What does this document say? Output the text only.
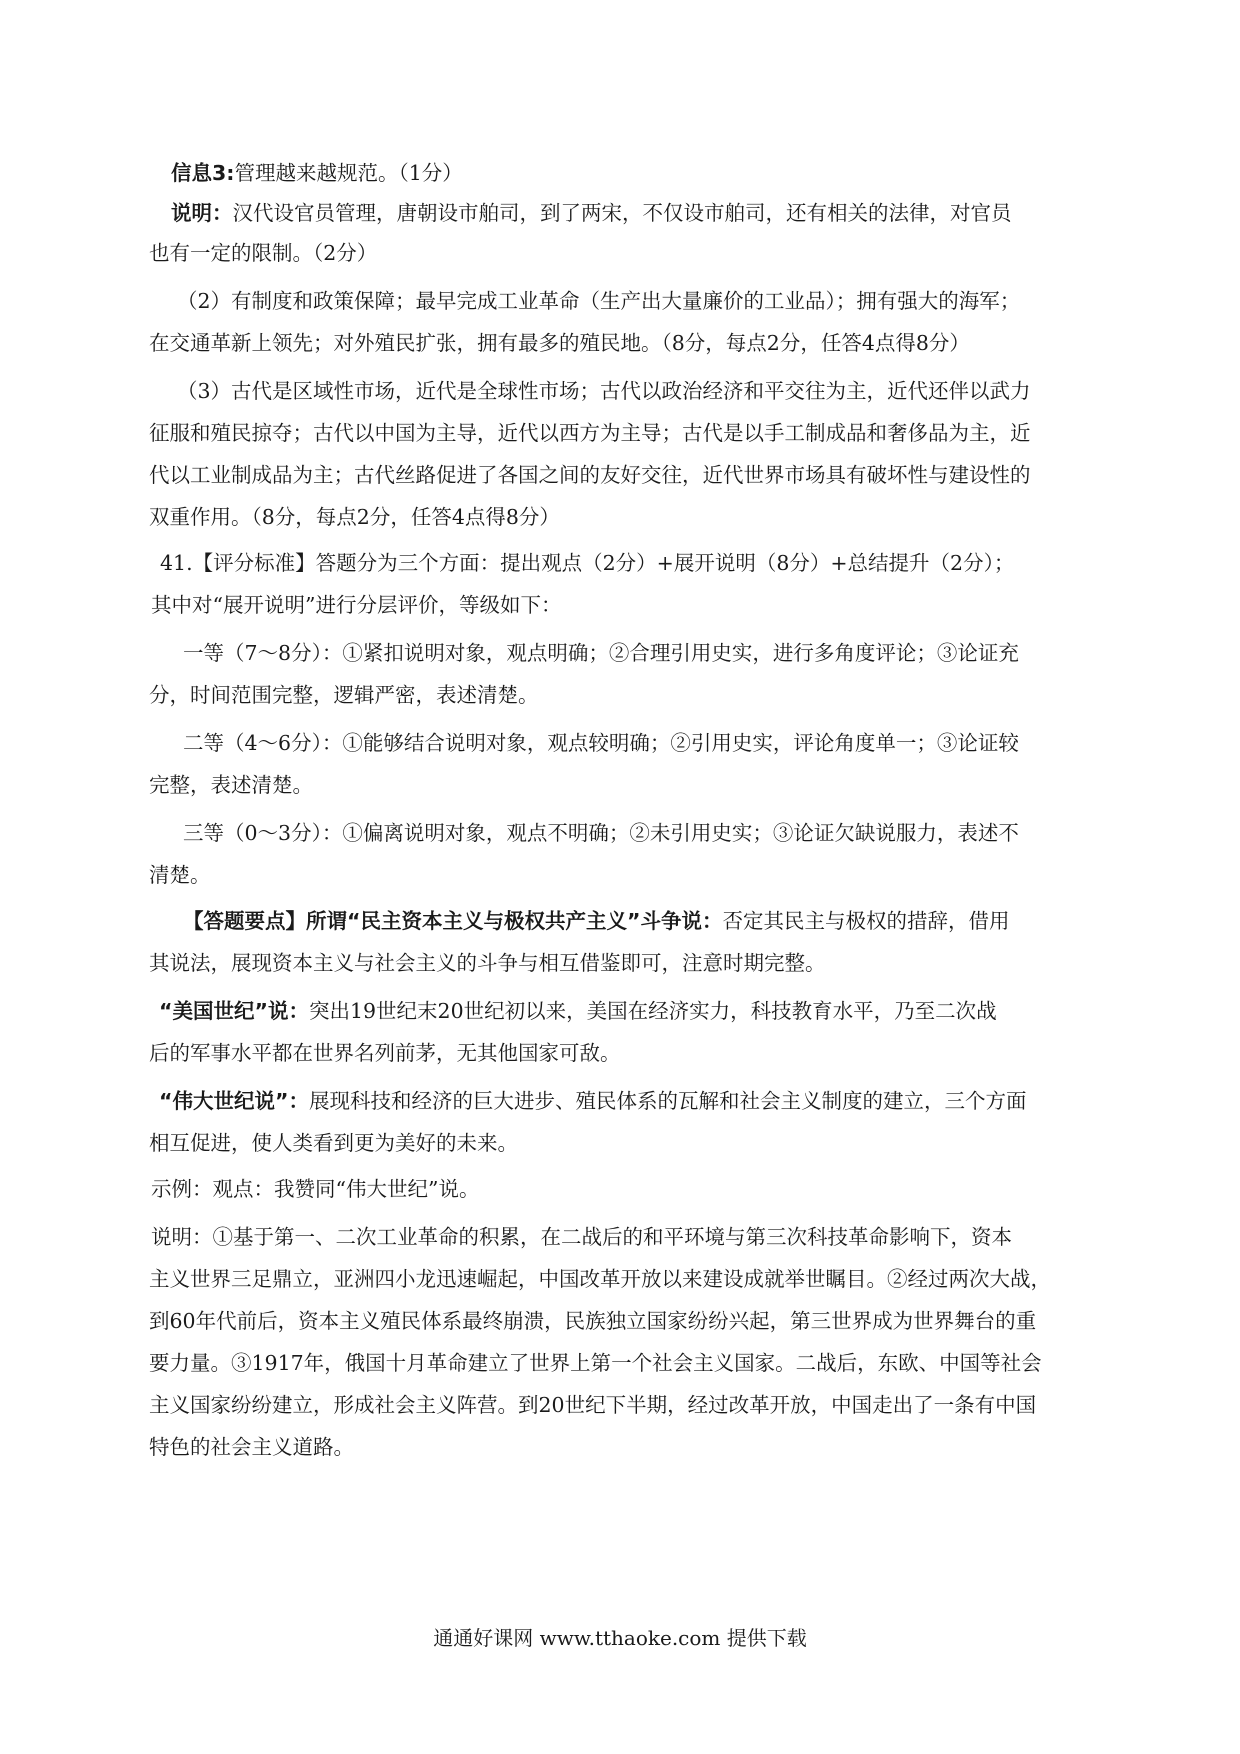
信息3:管理越来越规范。（1分）
说明：汉代设官员管理，唐朝设市舶司，到了两宋，不仅设市舶司，还有相关的法律，对官员
也有一定的限制。（2分）
（2）有制度和政策保障；最早完成工业革命（生产出大量廉价的工业品）；拥有强大的海军；
在交通革新上领先；对外殖民扩张，拥有最多的殖民地。（8分，每点2分，任答4点得8分）
（3）古代是区域性市场，近代是全球性市场；古代以政治经济和平交往为主，近代还伴以武力
征服和殖民掠夺；古代以中国为主导，近代以西方为主导；古代是以手工制成品和奢侈品为主，近
代以工业制成品为主；古代丝路促进了各国之间的友好交往，近代世界市场具有破坏性与建设性的
双重作用。（8分，每点2分，任答4点得8分）
41.【评分标准】答题分为三个方面：提出观点（2分）+展开说明（8分）+总结提升（2分）；
其中对“展开说明”进行分层评价，等级如下：
一等（7～8分）：①紧扣说明对象，观点明确；②合理引用史实，进行多角度评论；③论证充
分，时间范围完整，逻辑严密，表述清楚。
二等（4～6分）：①能够结合说明对象，观点较明确；②引用史实，评论角度单一；③论证较
完整，表述清楚。
三等（0～3分）：①偏离说明对象，观点不明确；②未引用史实；③论证欠缺说服力，表述不
清楚。
【答题要点】所谓“民主资本主义与极权共产主义”斗争说：否定其民主与极权的措辞，借用
其说法，展现资本主义与社会主义的斗争与相互借鉴即可，注意时期完整。
“美国世纪”说：突出19世纪末20世纪初以来，美国在经济实力，科技教育水平，乃至二次战
后的军事水平都在世界名列前茅，无其他国家可敌。
“伟大世纪说”：展现科技和经济的巨大进步、殖民体系的瓦解和社会主义制度的建立，三个方面
相互促进，使人类看到更为美好的未来。
示例：观点：我赞同“伟大世纪”说。
说明：①基于第一、二次工业革命的积累，在二战后的和平环境与第三次科技革命影响下，资本
主义世界三足鼎立，亚洲四小龙迅速崛起，中国改革开放以来建设成就举世瞩目。②经过两次大战，
到60年代前后，资本主义殖民体系最终崩溃，民族独立国家纷纷兴起，第三世界成为世界舞台的重
要力量。③1917年，俄国十月革命建立了世界上第一个社会主义国家。二战后，东欧、中国等社会
主义国家纷纷建立，形成社会主义阵营。到20世纪下半期，经过改革开放，中国走出了一条有中国
特色的社会主义道路。
通通好课网 www.tthaoke.com 提供下载
